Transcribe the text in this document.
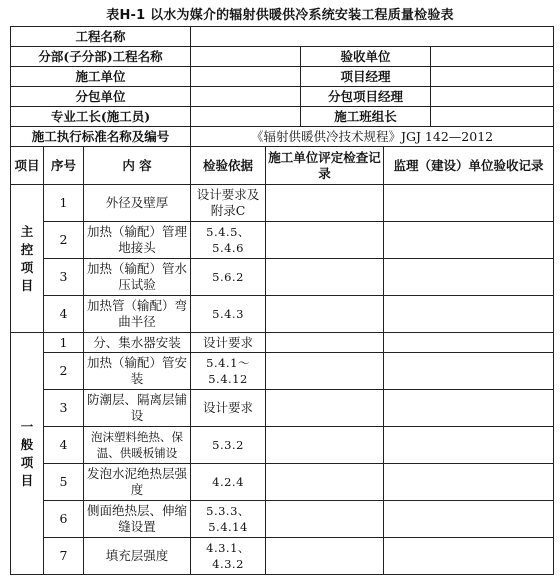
表H-1 以水为媒介的辐射供暖供冷系统安装工程质量检验表
工程名称							
分部(子分部)工程名称					验收单位		
施工单位					项目经理		
分包单位					分包项目经理		
专业工长(施工员)					施工班组长		
施工执行标准名称及编号			《辐射供暖供冷技术规程》JGJ 142—2012				
项目	序号	内 容	检验依据	施工单位评定检查记录		监理（建设）单位验收记录	
主控项目	1	外径及壁厚	设计要求及附录C				
	2	加热（输配）管理地接头	5.4.5、5.4.6				
	3	加热（输配）管水压试验	5.6.2				
	4	加热管（输配）弯曲半径	5.4.3				
一般项目	1	分、集水器安装	设计要求				
	2	加热（输配）管安装	5.4.1～5.4.12				
	3	防潮层、隔离层铺设	设计要求				
	4	泡沫塑料绝热、保温、供暖板铺设	5.3.2				
	5	发泡水泥绝热层强度	4.2.4				
	6	侧面绝热层、伸缩缝设置	5.3.3、5.4.14				
	7	填充层强度	4.3.1、4.3.2				
